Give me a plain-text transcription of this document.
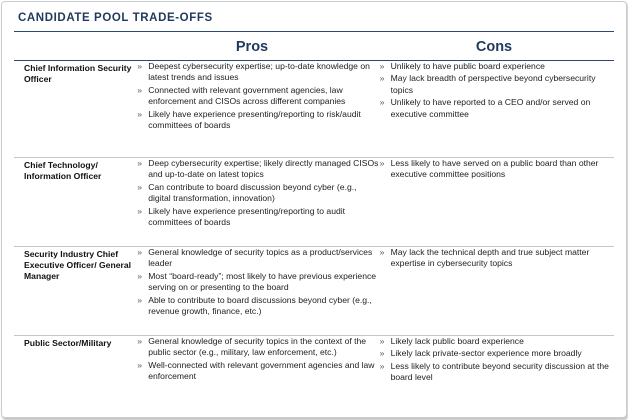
CANDIDATE POOL TRADE-OFFS
Pros	Cons
Chief Information Security Officer
» Deepest cybersecurity expertise; up-to-date knowledge on latest trends and issues
» Connected with relevant government agencies, law enforcement and CISOs across different companies
» Likely have experience presenting/reporting to risk/audit committees of boards
» Unlikely to have public board experience
» May lack breadth of perspective beyond cybersecurity topics
» Unlikely to have reported to a CEO and/or served on executive committee
Chief Technology/ Information Officer
» Deep cybersecurity expertise; likely directly managed CISOs and up-to-date on latest topics
» Can contribute to board discussion beyond cyber (e.g., digital transformation, innovation)
» Likely have experience presenting/reporting to audit committees of boards
» Less likely to have served on a public board than other executive committee positions
Security Industry Chief Executive Officer/ General Manager
» General knowledge of security topics as a product/services leader
» Most “board-ready”; most likely to have previous experience serving on or presenting to the board
» Able to contribute to board discussions beyond cyber (e.g., revenue growth, finance, etc.)
» May lack the technical depth and true subject matter expertise in cybersecurity topics
Public Sector/Military	» General knowledge of security topics in the context of the public sector (e.g., military, law enforcement, etc.)
» Well-connected with relevant government agencies and law enforcement
» Likely lack public board experience
» Likely lack private-sector experience more broadly
» Less likely to contribute beyond security discussion at the board level
